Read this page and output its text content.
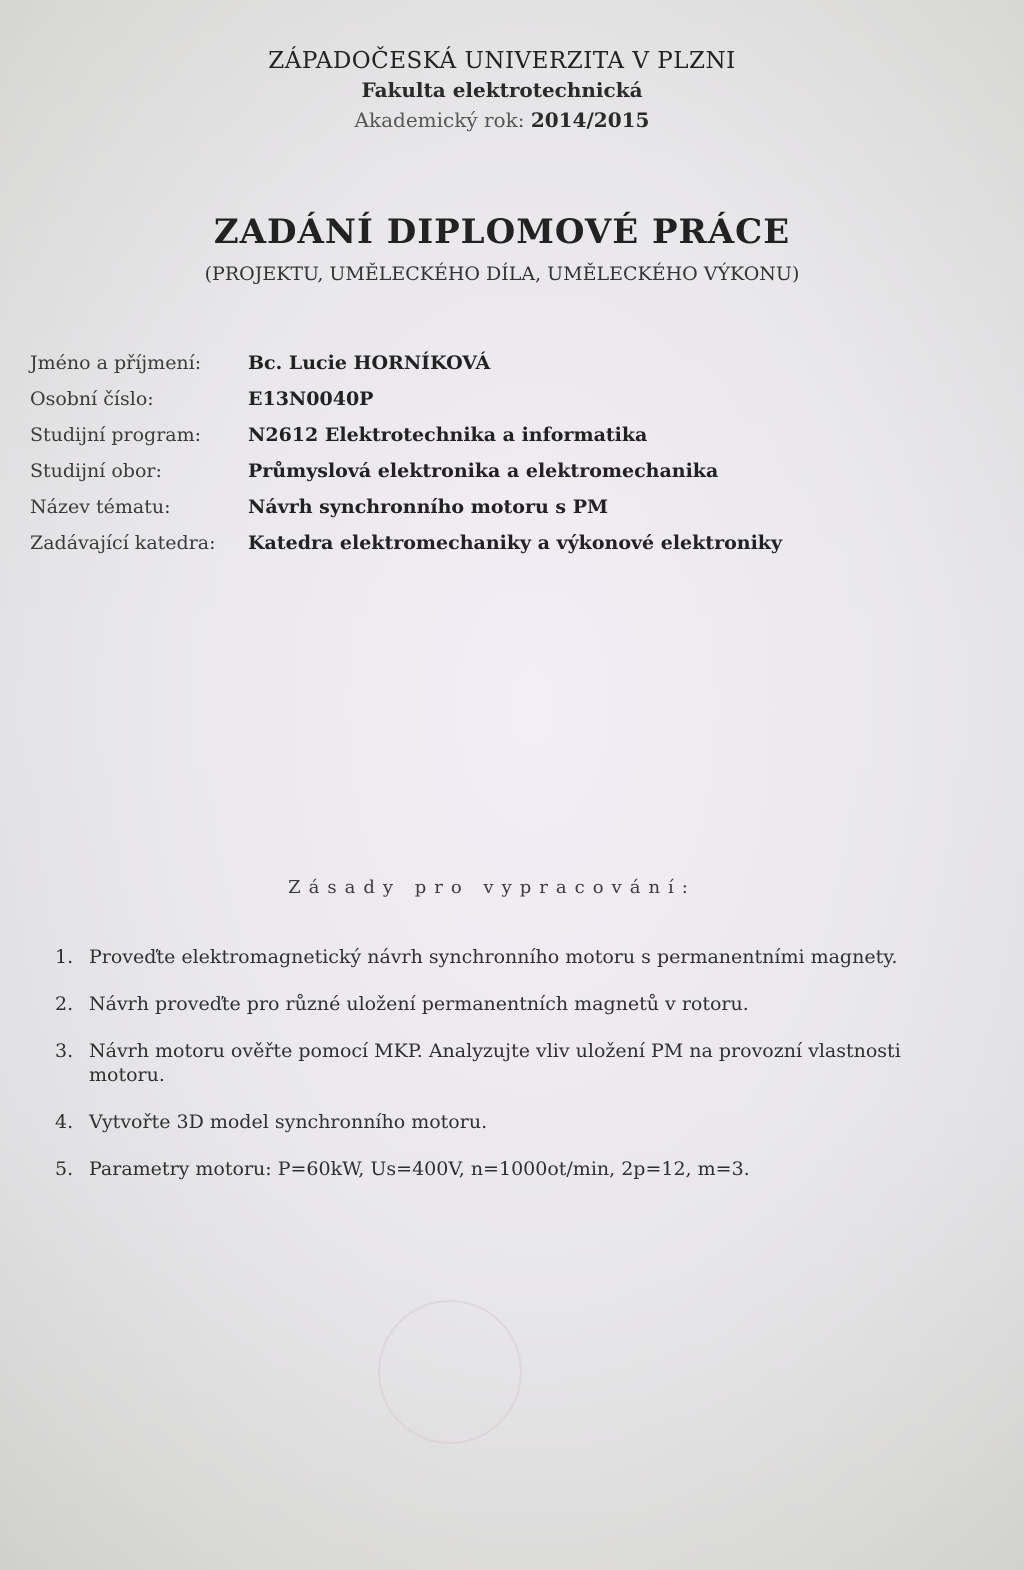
ZÁPADOČESKÁ UNIVERZITA V PLZNI
Fakulta elektrotechnická
Akademický rok: 2014/2015
ZADÁNÍ DIPLOMOVÉ PRÁCE
(PROJEKTU, UMĚLECKÉHO DÍLA, UMĚLECKÉHO VÝKONU)
Jméno a příjmení:	Bc. Lucie HORNÍKOVÁ
Osobní číslo:	E13N0040P
Studijní program:	N2612 Elektrotechnika a informatika
Studijní obor:	Průmyslová elektronika a elektromechanika
Název tématu:	Návrh synchronního motoru s PM
Zadávající katedra:	Katedra elektromechaniky a výkonové elektroniky
Zásady pro vypracování:
1. Proveďte elektromagnetický návrh synchronního motoru s permanentními magnety.
2. Návrh proveďte pro různé uložení permanentních magnetů v rotoru.
3. Návrh motoru ověřte pomocí MKP. Analyzujte vliv uložení PM na provozní vlastnosti motoru.
4. Vytvořte 3D model synchronního motoru.
5. Parametry motoru: P=60kW, Us=400V, n=1000ot/min, 2p=12, m=3.
